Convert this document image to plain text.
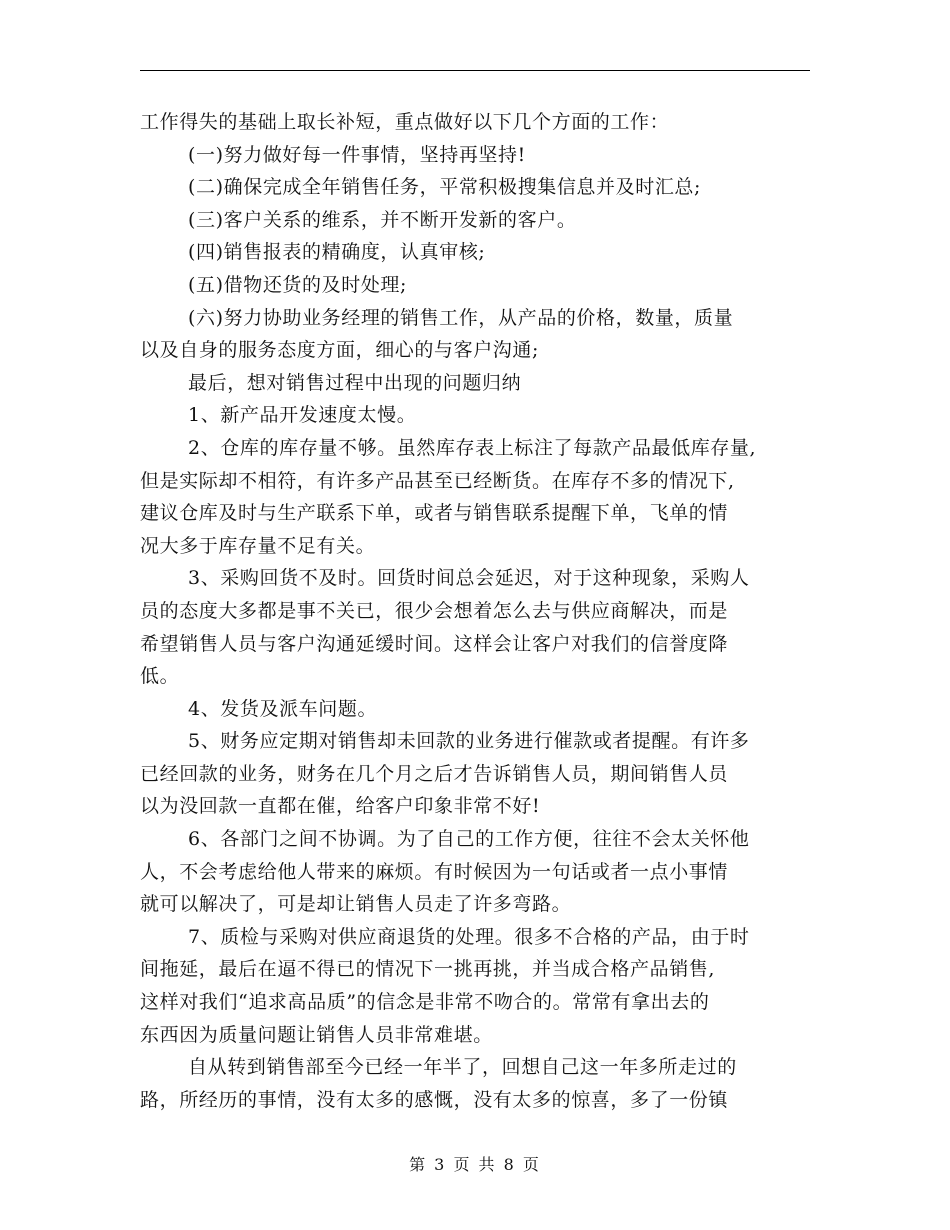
工作得失的基础上取长补短，重点做好以下几个方面的工作：
(一)努力做好每一件事情，坚持再坚持!
(二)确保完成全年销售任务，平常积极搜集信息并及时汇总;
(三)客户关系的维系，并不断开发新的客户。
(四)销售报表的精确度，认真审核;
(五)借物还货的及时处理;
(六)努力协助业务经理的销售工作，从产品的价格，数量，质量
以及自身的服务态度方面，细心的与客户沟通;
最后，想对销售过程中出现的问题归纳
1、新产品开发速度太慢。
2、仓库的库存量不够。虽然库存表上标注了每款产品最低库存量,
但是实际却不相符，有许多产品甚至已经断货。在库存不多的情况下,
建议仓库及时与生产联系下单，或者与销售联系提醒下单，飞单的情
况大多于库存量不足有关。
3、采购回货不及时。回货时间总会延迟，对于这种现象，采购人
员的态度大多都是事不关已，很少会想着怎么去与供应商解决，而是
希望销售人员与客户沟通延缓时间。这样会让客户对我们的信誉度降
低。
4、发货及派车问题。
5、财务应定期对销售却未回款的业务进行催款或者提醒。有许多
已经回款的业务，财务在几个月之后才告诉销售人员，期间销售人员
以为没回款一直都在催，给客户印象非常不好!
6、各部门之间不协调。为了自己的工作方便，往往不会太关怀他
人，不会考虑给他人带来的麻烦。有时候因为一句话或者一点小事情
就可以解决了，可是却让销售人员走了许多弯路。
7、质检与采购对供应商退货的处理。很多不合格的产品，由于时
间拖延，最后在逼不得已的情况下一挑再挑，并当成合格产品销售,
这样对我们“追求高品质”的信念是非常不吻合的。常常有拿出去的
东西因为质量问题让销售人员非常难堪。
自从转到销售部至今已经一年半了，回想自己这一年多所走过的
路，所经历的事情，没有太多的感慨，没有太多的惊喜，多了一份镇
第 3 页 共 8 页
